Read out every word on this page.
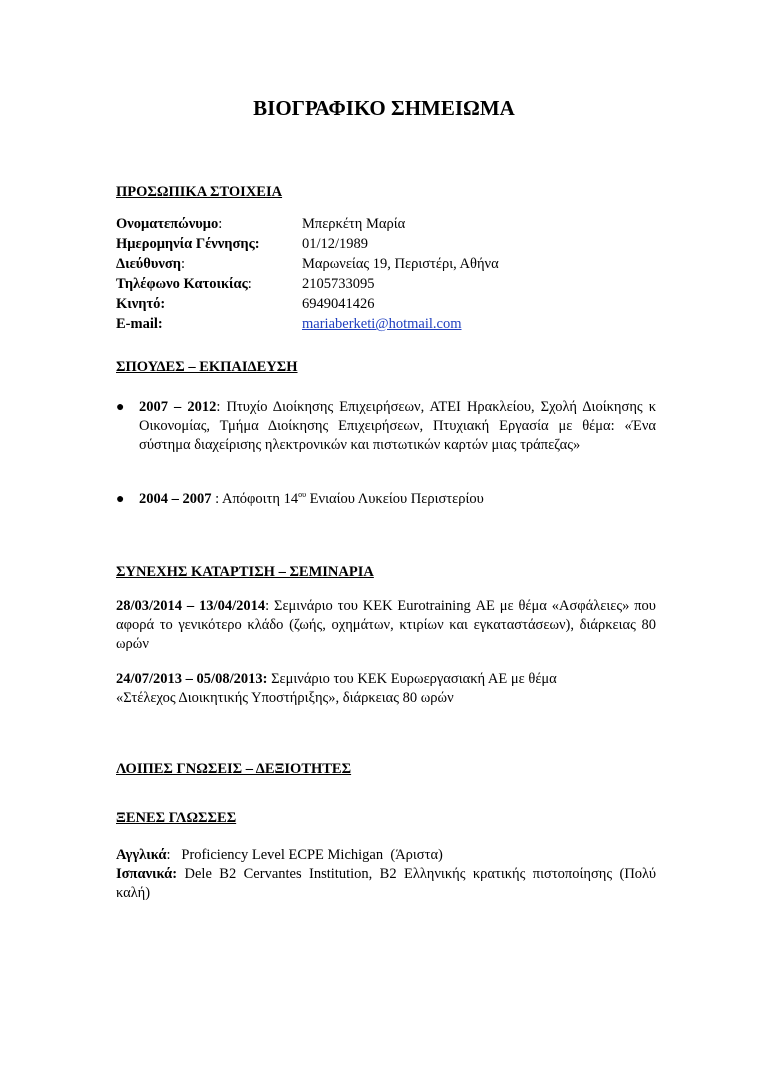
ΒΙΟΓΡΑΦΙΚΟ ΣΗΜΕΙΩΜΑ
ΠΡΟΣΩΠΙΚΑ ΣΤΟΙΧΕΙΑ
Ονοματεπώνυμο:	Μπερκέτη Μαρία
Ημερομηνία Γέννησης:	01/12/1989
Διεύθυνση:	Μαρωνείας 19, Περιστέρι, Αθήνα
Τηλέφωνο Κατοικίας:	2105733095
Κινητό:	6949041426
E-mail:	mariaberketi@hotmail.com
ΣΠΟΥΔΕΣ – ΕΚΠΑΙΔΕΥΣΗ
● 2007 – 2012: Πτυχίο Διοίκησης Επιχειρήσεων, ΑΤΕΙ Ηρακλείου, Σχολή Διοίκησης κ Οικονομίας, Τμήμα Διοίκησης Επιχειρήσεων, Πτυχιακή Εργασία με θέμα: «Ένα σύστημα διαχείρισης ηλεκτρονικών και πιστωτικών καρτών μιας τράπεζας»
● 2004 – 2007 : Απόφοιτη $14^{o\upsilon}$ Ενιαίου Λυκείου Περιστερίου
ΣΥΝΕΧΗΣ ΚΑΤΑΡΤΙΣΗ – ΣΕΜΙΝΑΡΙΑ
28/03/2014 – 13/04/2014: Σεμινάριο του ΚΕΚ Eurotraining ΑΕ με θέμα «Ασφάλειες» που αφορά το γενικότερο κλάδο (ζωής, οχημάτων, κτιρίων και εγκαταστάσεων), διάρκειας 80 ωρών
24/07/2013 – 05/08/2013: Σεμινάριο του ΚΕΚ Ευρωεργασιακή ΑΕ με θέμα «Στέλεχος Διοικητικής Υποστήριξης», διάρκειας 80 ωρών
ΛΟΙΠΕΣ ΓΝΩΣΕΙΣ – ΔΕΞΙΟΤΗΤΕΣ
ΞΕΝΕΣ ΓΛΩΣΣΕΣ
Αγγλικά:   Proficiency Level ECPE Michigan  (Άριστα)
Ισπανικά: Dele B2 Cervantes Institution, B2 Ελληνικής κρατικής πιστοποίησης (Πολύ καλή)
